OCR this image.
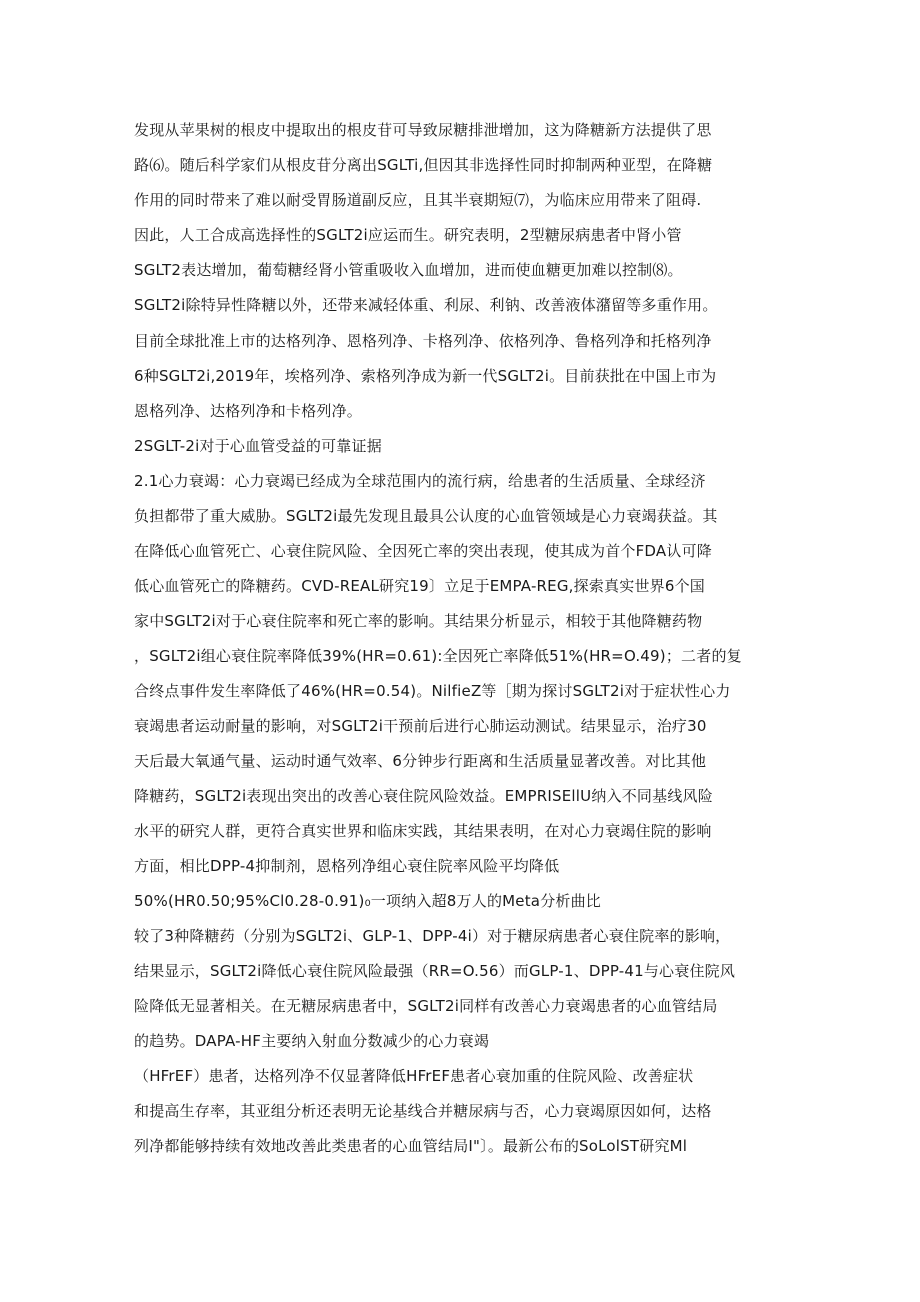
发现从苹果树的根皮中提取出的根皮苷可导致尿糖排泄增加，这为降糖新方法提供了思
路⑹。随后科学家们从根皮苷分离出SGLTi,但因其非选择性同时抑制两种亚型，在降糖
作用的同时带来了难以耐受胃肠道副反应，且其半衰期短⑺，为临床应用带来了阻碍.
因此，人工合成高选择性的SGLT2i应运而生。研究表明，2型糖尿病患者中肾小管
SGLT2表达增加，葡萄糖经肾小管重吸收入血增加，进而使血糖更加难以控制⑻。
SGLT2i除特异性降糖以外，还带来减轻体重、利尿、利钠、改善液体潴留等多重作用。
目前全球批准上市的达格列净、恩格列净、卡格列净、依格列净、鲁格列净和托格列净
6种SGLT2i,2019年，埃格列净、索格列净成为新一代SGLT2i。目前获批在中国上市为
恩格列净、达格列净和卡格列净。
2SGLT-2i对于心血管受益的可靠证据
2.1心力衰竭：心力衰竭已经成为全球范围内的流行病，给患者的生活质量、全球经济
负担都带了重大威胁。SGLT2i最先发现且最具公认度的心血管领域是心力衰竭获益。其
在降低心血管死亡、心衰住院风险、全因死亡率的突出表现，使其成为首个FDA认可降
低心血管死亡的降糖药。CVD-REAL研究19〕立足于EMPA-REG,探索真实世界6个国
家中SGLT2i对于心衰住院率和死亡率的影响。其结果分析显示，相较于其他降糖药物
，SGLT2i组心衰住院率降低39%(HR=0.61):全因死亡率降低51%(HR=O.49)；二者的复
合终点事件发生率降低了46%(HR=0.54)。NilfieZ等［期为探讨SGLT2i对于症状性心力
衰竭患者运动耐量的影响，对SGLT2i干预前后进行心肺运动测试。结果显示，治疗30
天后最大氧通气量、运动时通气效率、6分钟步行距离和生活质量显著改善。对比其他
降糖药，SGLT2i表现出突出的改善心衰住院风险效益。EMPRISEllU纳入不同基线风险
水平的研究人群，更符合真实世界和临床实践，其结果表明，在对心力衰竭住院的影响
方面，相比DPP-4抑制剂，恩格列净组心衰住院率风险平均降低
50%(HR0.50;95%Cl0.28-0.91)₀一项纳入超8万人的Meta分析曲比
较了3种降糖药（分别为SGLT2i、GLP-1、DPP-4i）对于糖尿病患者心衰住院率的影响，
结果显示，SGLT2i降低心衰住院风险最强（RR=O.56）而GLP-1、DPP-41与心衰住院风
险降低无显著相关。在无糖尿病患者中，SGLT2i同样有改善心力衰竭患者的心血管结局
的趋势。DAPA-HF主要纳入射血分数减少的心力衰竭
（HFrEF）患者，达格列净不仅显著降低HFrEF患者心衰加重的住院风险、改善症状
和提高生存率，其亚组分析还表明无论基线合并糖尿病与否，心力衰竭原因如何，达格
列净都能够持续有效地改善此类患者的心血管结局I"〕。最新公布的SoLolST研究Ml
